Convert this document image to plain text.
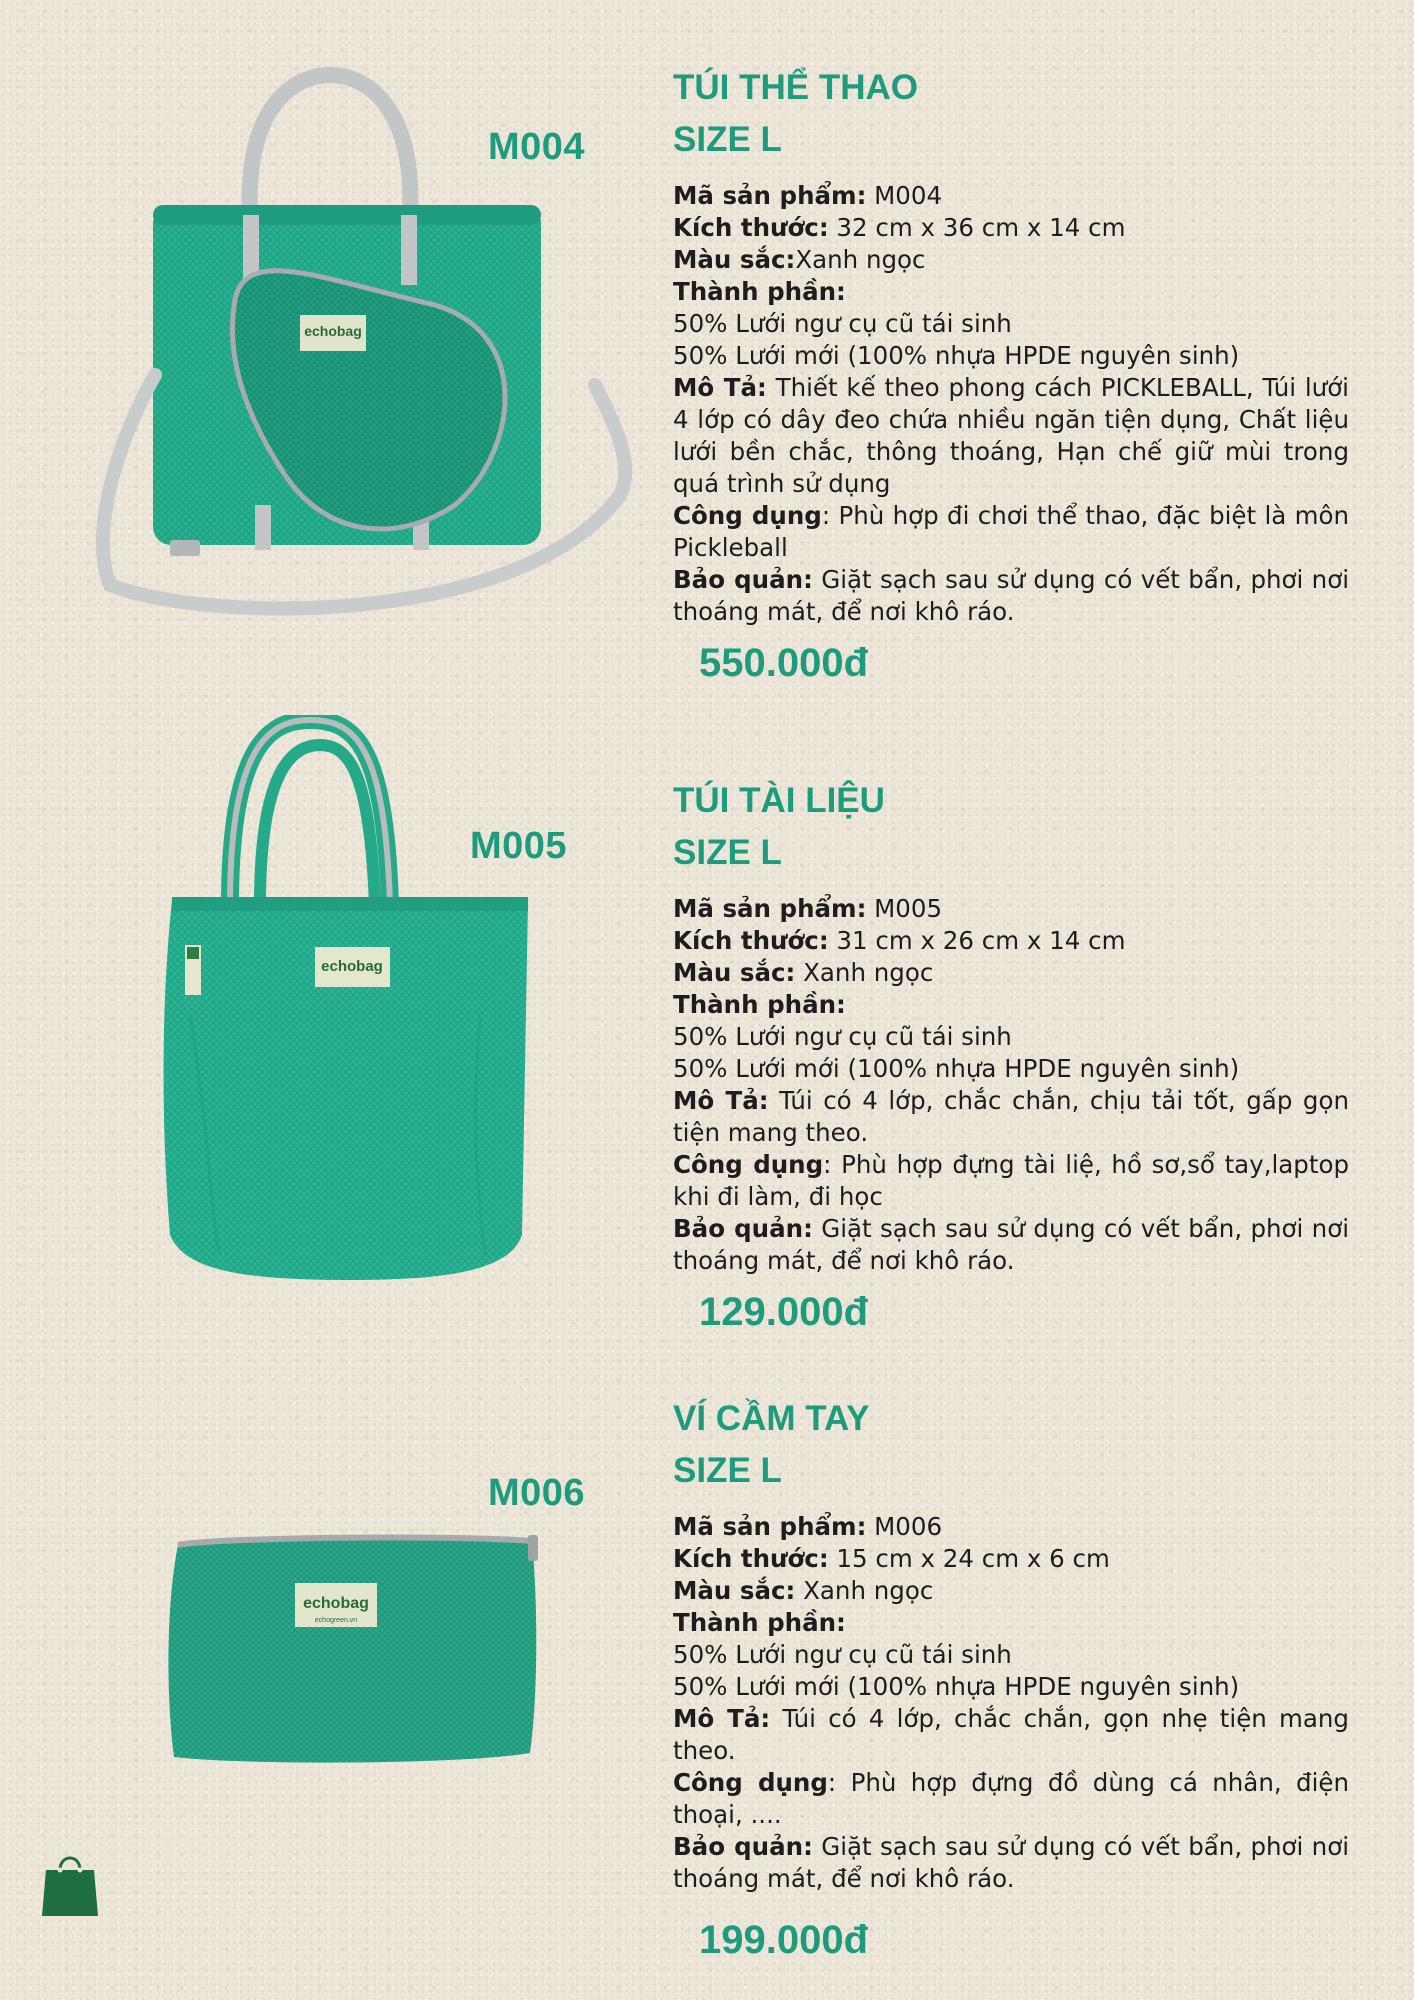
echobag
M004
TÚI THỂ THAO
SIZE L

Mã sản phẩm: M004

Kích thước: 32 cm x 36 cm x 14 cm

Màu sắc:Xanh ngọc

Thành phần:

50% Lưới ngư cụ cũ tái sinh

50% Lưới mới (100% nhựa HPDE nguyên sinh)

Mô Tả: Thiết kế theo phong cách PICKLEBALL, Túi lưới 4 lớp có dây đeo chứa nhiều ngăn tiện dụng, Chất liệu lưới bền chắc, thông thoáng, Hạn chế giữ mùi trong quá trình sử dụng

Công dụng: Phù hợp đi chơi thể thao, đặc biệt là môn Pickleball

Bảo quản: Giặt sạch sau sử dụng có vết bẩn, phơi nơi thoáng mát, để nơi khô ráo.

550.000đ
echobag
M005
TÚI TÀI LIỆU
SIZE L

Mã sản phẩm: M005

Kích thước: 31 cm x 26 cm x 14 cm

Màu sắc: Xanh ngọc

Thành phần:

50% Lưới ngư cụ cũ tái sinh

50% Lưới mới (100% nhựa HPDE nguyên sinh)

Mô Tả: Túi có 4 lớp, chắc chắn, chịu tải tốt, gấp gọn tiện mang theo.

Công dụng: Phù hợp đựng tài liệ, hồ sơ,sổ tay,laptop khi đi làm, đi học

Bảo quản: Giặt sạch sau sử dụng có vết bẩn, phơi nơi thoáng mát, để nơi khô ráo.

129.000đ
echobag
echogreen.vn
M006
VÍ CẦM TAY
SIZE L

Mã sản phẩm: M006

Kích thước: 15 cm x 24 cm x 6 cm

Màu sắc: Xanh ngọc

Thành phần:

50% Lưới ngư cụ cũ tái sinh

50% Lưới mới (100% nhựa HPDE nguyên sinh)

Mô Tả: Túi có 4 lớp, chắc chắn, gọn nhẹ tiện mang theo.

Công dụng: Phù hợp đựng đồ dùng cá nhân, điện thoại, ....

Bảo quản: Giặt sạch sau sử dụng có vết bẩn, phơi nơi thoáng mát, để nơi khô ráo.

199.000đ
